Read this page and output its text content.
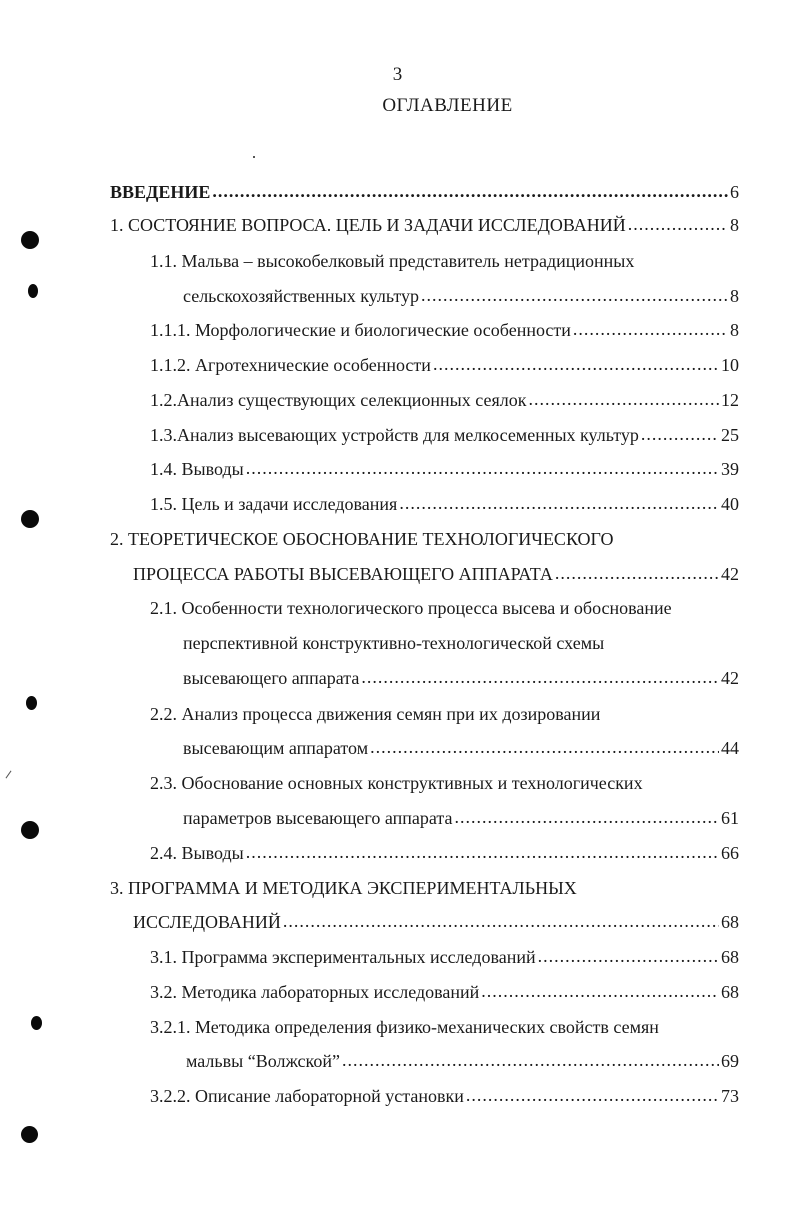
3
ОГЛАВЛЕНИЕ
ВВЕДЕНИЕ .....	6
1. СОСТОЯНИЕ ВОПРОСА. ЦЕЛЬ И ЗАДАЧИ ИССЛЕДОВАНИЙ .....	8
1.1. Мальва – высокобелковый представитель нетрадиционных
сельскохозяйственных культур .....	8
1.1.1. Морфологические и биологические особенности .....	8
1.1.2. Агротехнические особенности .....	10
1.2.Анализ существующих селекционных сеялок .....	12
1.3.Анализ высевающих устройств для мелкосеменных культур .....	25
1.4. Выводы .....	39
1.5. Цель и задачи исследования .....	40
2. ТЕОРЕТИЧЕСКОЕ ОБОСНОВАНИЕ ТЕХНОЛОГИЧЕСКОГО
ПРОЦЕССА РАБОТЫ ВЫСЕВАЮЩЕГО АППАРАТА .....	42
2.1. Особенности технологического процесса высева и обоснование
перспективной конструктивно-технологической схемы
высевающего аппарата .....	42
2.2. Анализ процесса движения семян при их дозировании
высевающим аппаратом .....	44
2.3. Обоснование основных конструктивных и технологических
параметров высевающего аппарата .....	61
2.4. Выводы .....	66
3. ПРОГРАММА И МЕТОДИКА ЭКСПЕРИМЕНТАЛЬНЫХ
ИССЛЕДОВАНИЙ .....	68
3.1. Программа экспериментальных исследований .....	68
3.2. Методика лабораторных исследований .....	68
3.2.1. Методика определения физико-механических свойств семян
мальвы “Волжской” .....	69
3.2.2. Описание лабораторной установки .....	73
